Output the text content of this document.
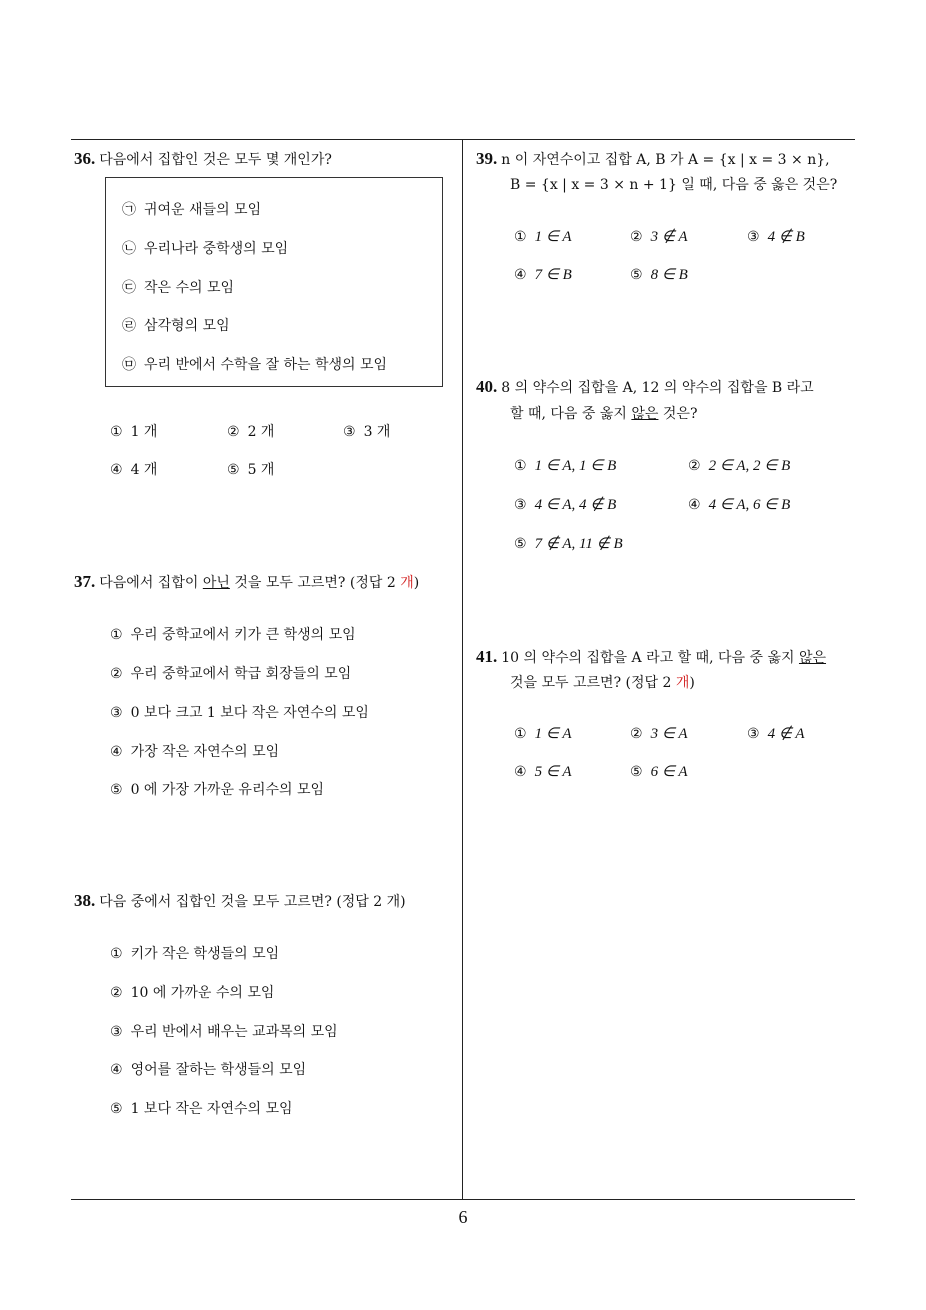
36. 다음에서 집합인 것은 모두 몇 개인가?
㉠ 귀여운 새들의 모임
㉡ 우리나라 중학생의 모임
㉢ 작은 수의 모임
㉣ 삼각형의 모임
㉤ 우리 반에서 수학을 잘 하는 학생의 모임
① 1 개	② 2 개	③ 3 개
④ 4 개	⑤ 5 개
37. 다음에서 집합이 아닌 것을 모두 고르면? (정답 2 개)
① 우리 중학교에서 키가 큰 학생의 모임
② 우리 중학교에서 학급 회장들의 모임
③ 0 보다 크고 1 보다 작은 자연수의 모임
④ 가장 작은 자연수의 모임
⑤ 0 에 가장 가까운 유리수의 모임
38. 다음 중에서 집합인 것을 모두 고르면? (정답 2 개)
① 키가 작은 학생들의 모임
② 10 에 가까운 수의 모임
③ 우리 반에서 배우는 교과목의 모임
④ 영어를 잘하는 학생들의 모임
⑤ 1 보다 작은 자연수의 모임
39. n 이 자연수이고 집합 A, B 가 A = {x | x = 3 × n},
B = {x | x = 3 × n + 1} 일 때, 다음 중 옳은 것은?
① 1 ∈ A	② 3 ∉ A	③ 4 ∉ B
④ 7 ∈ B	⑤ 8 ∈ B
40. 8 의 약수의 집합을 A, 12 의 약수의 집합을 B 라고
할 때, 다음 중 옳지 않은 것은?
① 1 ∈ A, 1 ∈ B	② 2 ∈ A, 2 ∈ B
③ 4 ∈ A, 4 ∉ B	④ 4 ∈ A, 6 ∈ B
⑤ 7 ∉ A, 11 ∉ B
41. 10 의 약수의 집합을 A 라고 할 때, 다음 중 옳지 않은
것을 모두 고르면? (정답 2 개)
① 1 ∈ A	② 3 ∈ A	③ 4 ∉ A
④ 5 ∈ A	⑤ 6 ∈ A
6
